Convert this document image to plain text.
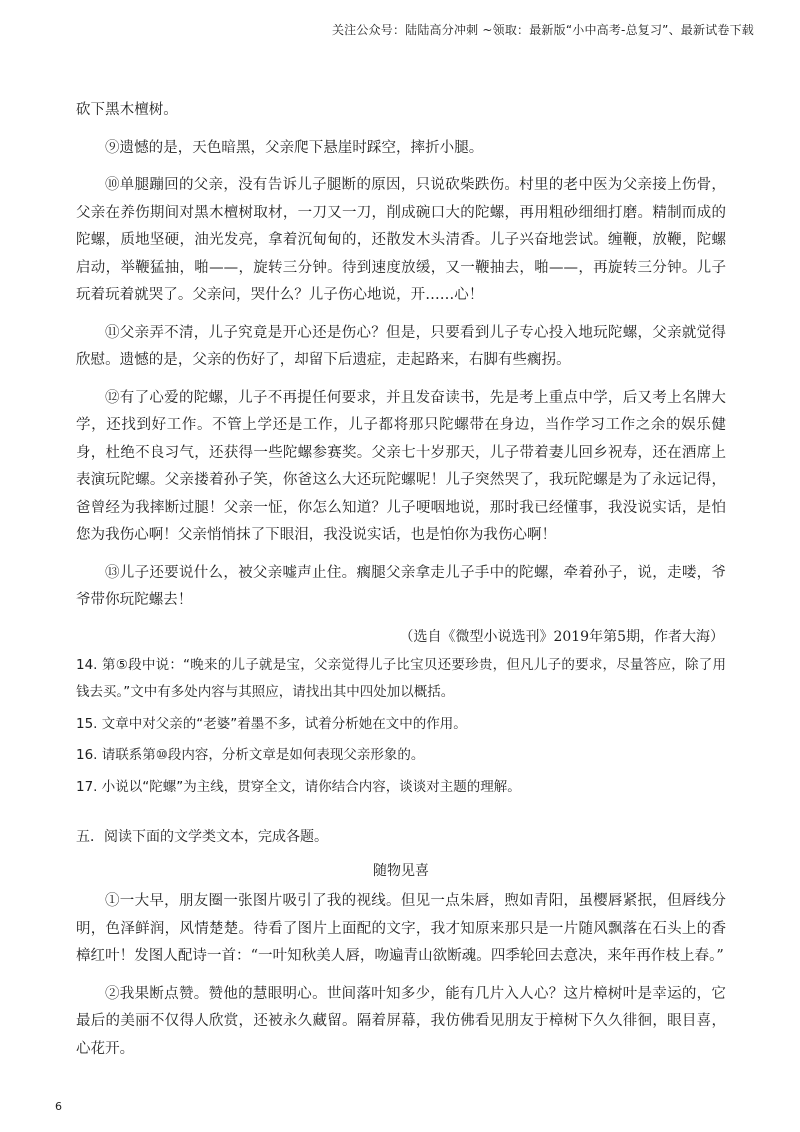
关注公众号：陆陆高分冲刺 ~领取：最新版“小中高考-总复习”、最新试卷下载

砍下黑木檀树。

⑨遗憾的是，天色暗黑，父亲爬下悬崖时踩空，摔折小腿。

⑩单腿蹦回的父亲，没有告诉儿子腿断的原因，只说砍柴跌伤。村里的老中医为父亲接上伤骨，父亲在养伤期间对黑木檀树取材，一刀又一刀，削成碗口大的陀螺，再用粗砂细细打磨。精制而成的陀螺，质地坚硬，油光发亮，拿着沉甸甸的，还散发木头清香。儿子兴奋地尝试。缠鞭，放鞭，陀螺启动，举鞭猛抽，啪——，旋转三分钟。待到速度放缓，又一鞭抽去，啪——，再旋转三分钟。儿子玩着玩着就哭了。父亲问，哭什么？儿子伤心地说，开……心！

⑪父亲弄不清，儿子究竟是开心还是伤心？但是，只要看到儿子专心投入地玩陀螺，父亲就觉得欣慰。遗憾的是，父亲的伤好了，却留下后遗症，走起路来，右脚有些瘸拐。

⑫有了心爱的陀螺，儿子不再提任何要求，并且发奋读书，先是考上重点中学，后又考上名牌大学，还找到好工作。不管上学还是工作，儿子都将那只陀螺带在身边，当作学习工作之余的娱乐健身，杜绝不良习气，还获得一些陀螺参赛奖。父亲七十岁那天，儿子带着妻儿回乡祝寿，还在酒席上表演玩陀螺。父亲搂着孙子笑，你爸这么大还玩陀螺呢！儿子突然哭了，我玩陀螺是为了永远记得，爸曾经为我摔断过腿！父亲一怔，你怎么知道？儿子哽咽地说，那时我已经懂事，我没说实话，是怕您为我伤心啊！父亲悄悄抹了下眼泪，我没说实话，也是怕你为我伤心啊！

⑬儿子还要说什么，被父亲嘘声止住。瘸腿父亲拿走儿子手中的陀螺，牵着孙子，说，走喽，爷爷带你玩陀螺去！

（选自《微型小说选刊》2019年第5期，作者大海）

14. 第⑤段中说：“晚来的儿子就是宝，父亲觉得儿子比宝贝还要珍贵，但凡儿子的要求，尽量答应，除了用钱去买。”文中有多处内容与其照应，请找出其中四处加以概括。

15. 文章中对父亲的“老婆”着墨不多，试着分析她在文中的作用。

16. 请联系第⑩段内容，分析文章是如何表现父亲形象的。

17. 小说以“陀螺”为主线，贯穿全文，请你结合内容，谈谈对主题的理解。

五．阅读下面的文学类文本，完成各题。
随物见喜

①一大早，朋友圈一张图片吸引了我的视线。但见一点朱唇，煦如青阳，虽樱唇紧抿，但唇线分明，色泽鲜润，风情楚楚。待看了图片上面配的文字，我才知原来那只是一片随风飘落在石头上的香樟红叶！发图人配诗一首：“一叶知秋美人唇，吻遍青山欲断魂。四季轮回去意决，来年再作枝上春。”

②我果断点赞。赞他的慧眼明心。世间落叶知多少，能有几片入人心？这片樟树叶是幸运的，它最后的美丽不仅得人欣赏，还被永久藏留。隔着屏幕，我仿佛看见朋友于樟树下久久徘徊，眼目喜，心花开。

6
